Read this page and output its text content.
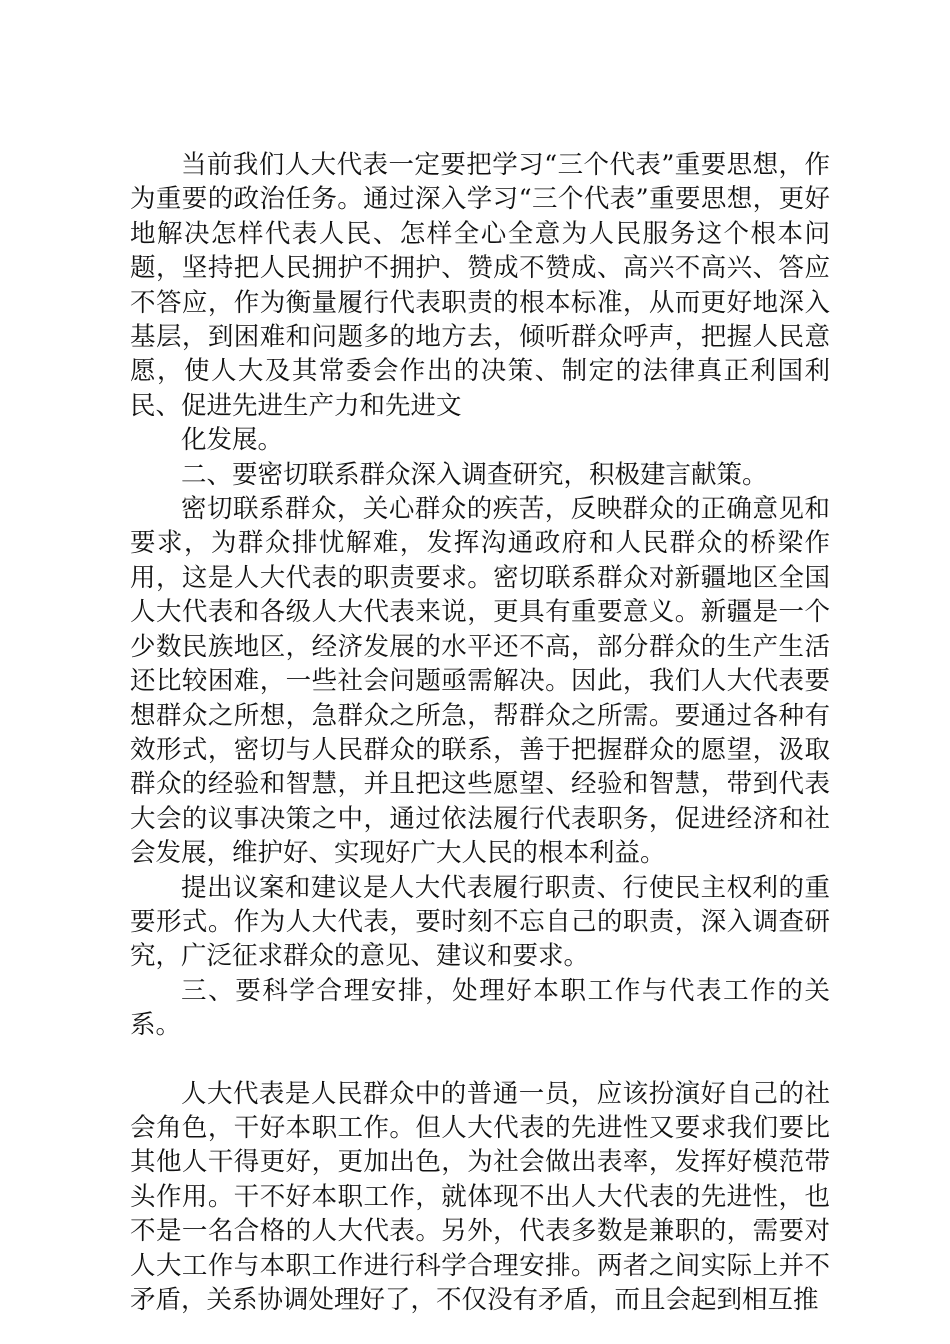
当前我们人大代表一定要把学习“三个代表”重要思想，作为重要的政治任务。通过深入学习“三个代表”重要思想，更好地解决怎样代表人民、怎样全心全意为人民服务这个根本问题，坚持把人民拥护不拥护、赞成不赞成、高兴不高兴、答应不答应，作为衡量履行代表职责的根本标准，从而更好地深入基层，到困难和问题多的地方去，倾听群众呼声，把握人民意愿，使人大及其常委会作出的决策、制定的法律真正利国利民、促进先进生产力和先进文

化发展。

二、要密切联系群众深入调查研究，积极建言献策。

密切联系群众，关心群众的疾苦，反映群众的正确意见和要求，为群众排忧解难，发挥沟通政府和人民群众的桥梁作用，这是人大代表的职责要求。密切联系群众对新疆地区全国人大代表和各级人大代表来说，更具有重要意义。新疆是一个少数民族地区，经济发展的水平还不高，部分群众的生产生活还比较困难，一些社会问题亟需解决。因此，我们人大代表要想群众之所想，急群众之所急，帮群众之所需。要通过各种有效形式，密切与人民群众的联系，善于把握群众的愿望，汲取群众的经验和智慧，并且把这些愿望、经验和智慧，带到代表大会的议事决策之中，通过依法履行代表职务，促进经济和社会发展，维护好、实现好广大人民的根本利益。

提出议案和建议是人大代表履行职责、行使民主权利的重要形式。作为人大代表，要时刻不忘自己的职责，深入调查研究，广泛征求群众的意见、建议和要求。

三、要科学合理安排，处理好本职工作与代表工作的关系。

人大代表是人民群众中的普通一员，应该扮演好自己的社会角色，干好本职工作。但人大代表的先进性又要求我们要比其他人干得更好，更加出色，为社会做出表率，发挥好模范带头作用。干不好本职工作，就体现不出人大代表的先进性，也不是一名合格的人大代表。另外，代表多数是兼职的，需要对人大工作与本职工作进行科学合理安排。两者之间实际上并不矛盾，关系协调处理好了，不仅没有矛盾，而且会起到相互推
